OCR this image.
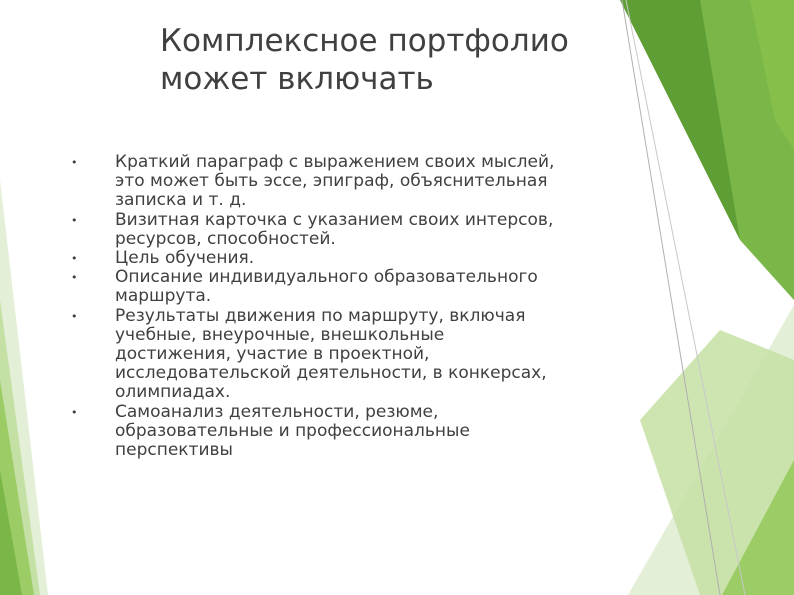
Комплексное портфолио
может включать
• Краткий параграф с выражением своих мыслей,
это может быть эссе, эпиграф, объяснительная
записка и т. д.
• Визитная карточка с указанием своих интерсов,
ресурсов, способностей.
• Цель обучения.
• Описание индивидуального образовательного
маршрута.
• Результаты движения по маршруту, включая
учебные, внеурочные, внешкольные
достижения, участие в проектной,
исследовательской деятельности, в конкерсах,
олимпиадах.
• Самоанализ деятельности, резюме,
образовательные и профессиональные
перспективы
